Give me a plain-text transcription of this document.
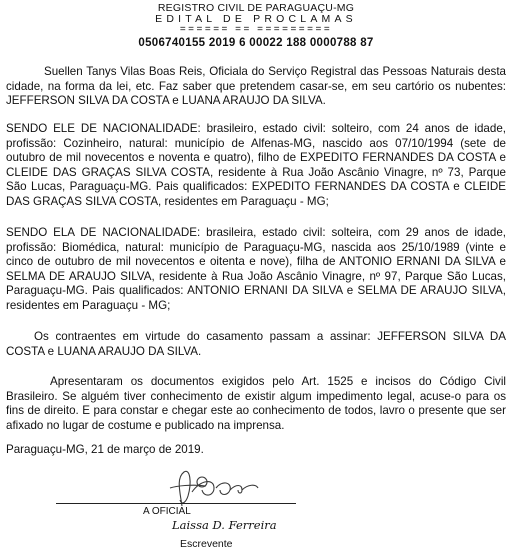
REGISTRO CIVIL DE PARAGUAÇU-MG
EDITAL DE PROCLAMAS
====== == =========
0506740155 2019 6 00022 188 0000788 87
Suellen Tanys Vilas Boas Reis, Oficiala do Serviço Registral das Pessoas Naturais desta cidade, na forma da lei, etc. Faz saber que pretendem casar-se, em seu cartório os nubentes: JEFFERSON SILVA DA COSTA e LUANA ARAUJO DA SILVA.
SENDO ELE DE NACIONALIDADE: brasileiro, estado civil: solteiro, com 24 anos de idade, profissão: Cozinheiro, natural: município de Alfenas-MG, nascido aos 07/10/1994 (sete de outubro de mil novecentos e noventa e quatro), filho de EXPEDITO FERNANDES DA COSTA e CLEIDE DAS GRAÇAS SILVA COSTA, residente à Rua João Ascânio Vinagre, nº 73, Parque São Lucas, Paraguaçu-MG. Pais qualificados: EXPEDITO FERNANDES DA COSTA e CLEIDE DAS GRAÇAS SILVA COSTA, residentes em Paraguaçu - MG;
SENDO ELA DE NACIONALIDADE: brasileira, estado civil: solteira, com 29 anos de idade, profissão: Biomédica, natural: município de Paraguaçu-MG, nascida aos 25/10/1989 (vinte e cinco de outubro de mil novecentos e oitenta e nove), filha de ANTONIO ERNANI DA SILVA e SELMA DE ARAUJO SILVA, residente à Rua João Ascânio Vinagre, nº 97, Parque São Lucas, Paraguaçu-MG. Pais qualificados: ANTONIO ERNANI DA SILVA e SELMA DE ARAUJO SILVA, residentes em Paraguaçu - MG;
Os contraentes em virtude do casamento passam a assinar: JEFFERSON SILVA DA COSTA e LUANA ARAUJO DA SILVA.
Apresentaram os documentos exigidos pelo Art. 1525 e incisos do Código Civil Brasileiro. Se alguém tiver conhecimento de existir algum impedimento legal, acuse-o para os fins de direito. E para constar e chegar este ao conhecimento de todos, lavro o presente que ser afixado no lugar de costume e publicado na imprensa.
Paraguaçu-MG, 21 de março de 2019.
A OFICIAL
Laissa D. Ferreira
Escrevente
